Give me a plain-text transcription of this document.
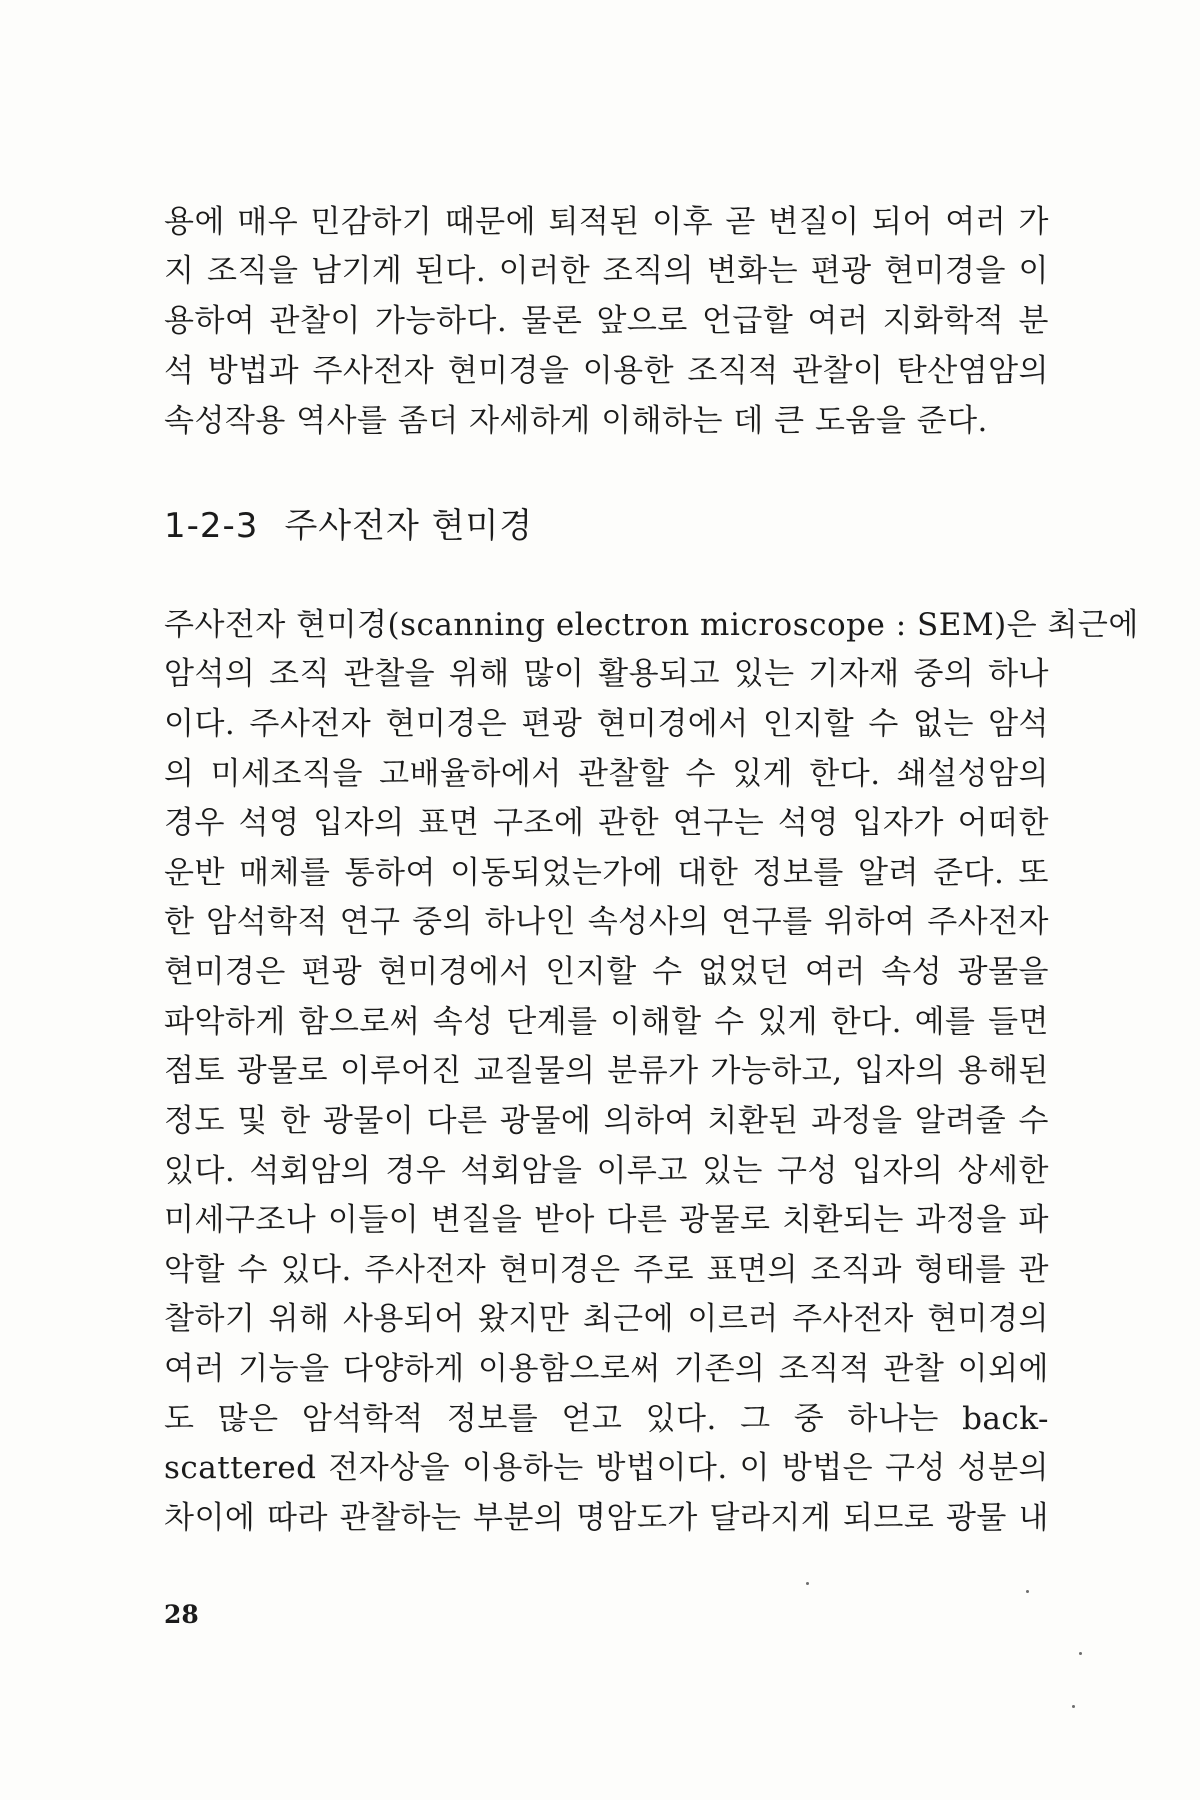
용에 매우 민감하기 때문에 퇴적된 이후 곧 변질이 되어 여러 가
지 조직을 남기게 된다. 이러한 조직의 변화는 편광 현미경을 이
용하여 관찰이 가능하다. 물론 앞으로 언급할 여러 지화학적 분
석 방법과 주사전자 현미경을 이용한 조직적 관찰이 탄산염암의
속성작용 역사를 좀더 자세하게 이해하는 데 큰 도움을 준다.
1-2-3 주사전자 현미경
주사전자 현미경(scanning electron microscope : SEM)은 최근에
암석의 조직 관찰을 위해 많이 활용되고 있는 기자재 중의 하나
이다. 주사전자 현미경은 편광 현미경에서 인지할 수 없는 암석
의 미세조직을 고배율하에서 관찰할 수 있게 한다. 쇄설성암의
경우 석영 입자의 표면 구조에 관한 연구는 석영 입자가 어떠한
운반 매체를 통하여 이동되었는가에 대한 정보를 알려 준다. 또
한 암석학적 연구 중의 하나인 속성사의 연구를 위하여 주사전자
현미경은 편광 현미경에서 인지할 수 없었던 여러 속성 광물을
파악하게 함으로써 속성 단계를 이해할 수 있게 한다. 예를 들면
점토 광물로 이루어진 교질물의 분류가 가능하고, 입자의 용해된
정도 및 한 광물이 다른 광물에 의하여 치환된 과정을 알려줄 수
있다. 석회암의 경우 석회암을 이루고 있는 구성 입자의 상세한
미세구조나 이들이 변질을 받아 다른 광물로 치환되는 과정을 파
악할 수 있다. 주사전자 현미경은 주로 표면의 조직과 형태를 관
찰하기 위해 사용되어 왔지만 최근에 이르러 주사전자 현미경의
여러 기능을 다양하게 이용함으로써 기존의 조직적 관찰 이외에
도 많은 암석학적 정보를 얻고 있다. 그 중 하나는 back-
scattered 전자상을 이용하는 방법이다. 이 방법은 구성 성분의
차이에 따라 관찰하는 부분의 명암도가 달라지게 되므로 광물 내
28
